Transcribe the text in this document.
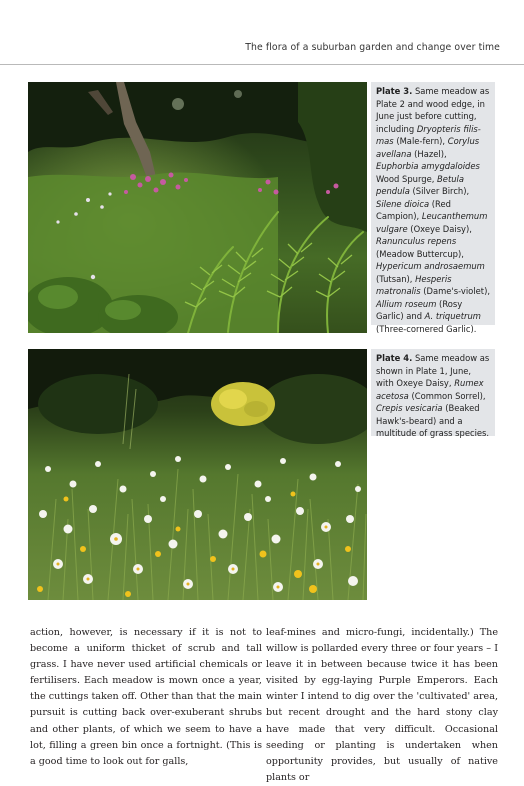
The flora of a suburban garden and change over time
Plate 3. Same meadow as Plate 2 and wood edge, in June just before cutting, including Dryopteris filis-mas (Male-fern), Corylus avellana (Hazel), Euphorbia amygdaloides Wood Spurge, Betula pendula (Silver Birch), Silene dioica (Red Campion), Leucanthemum vulgare (Oxeye Daisy), Ranunculus repens (Meadow Buttercup), Hypericum androsaemum (Tutsan), Hesperis matronalis (Dame's-violet), Allium roseum (Rosy Garlic) and A. triquetrum (Three-cornered Garlic).
Plate 4. Same meadow as shown in Plate 1, June, with Oxeye Daisy, Rumex acetosa (Common Sorrel), Crepis vesicaria (Beaked Hawk's-beard) and a multitude of grass species.
action, however, is necessary if it is not to become a uniform thicket of scrub and tall grass. I have never used artificial chemicals or fertilisers. Each meadow is mown once a year, the cuttings taken off. Other than that the main pursuit is cutting back over-exuberant shrubs and other plants, of which we seem to have a lot, filling a green bin once a fortnight. (This is a good time to look out for galls,
leaf-mines and micro-fungi, incidentally.) The willow is pollarded every three or four years – I leave it in between because twice it has been visited by egg-laying Purple Emperors. Each winter I intend to dig over the 'cultivated' area, but recent drought and the hard stony clay have made that very difficult. Occasional seeding or planting is undertaken when opportunity provides, but usually of native plants or
